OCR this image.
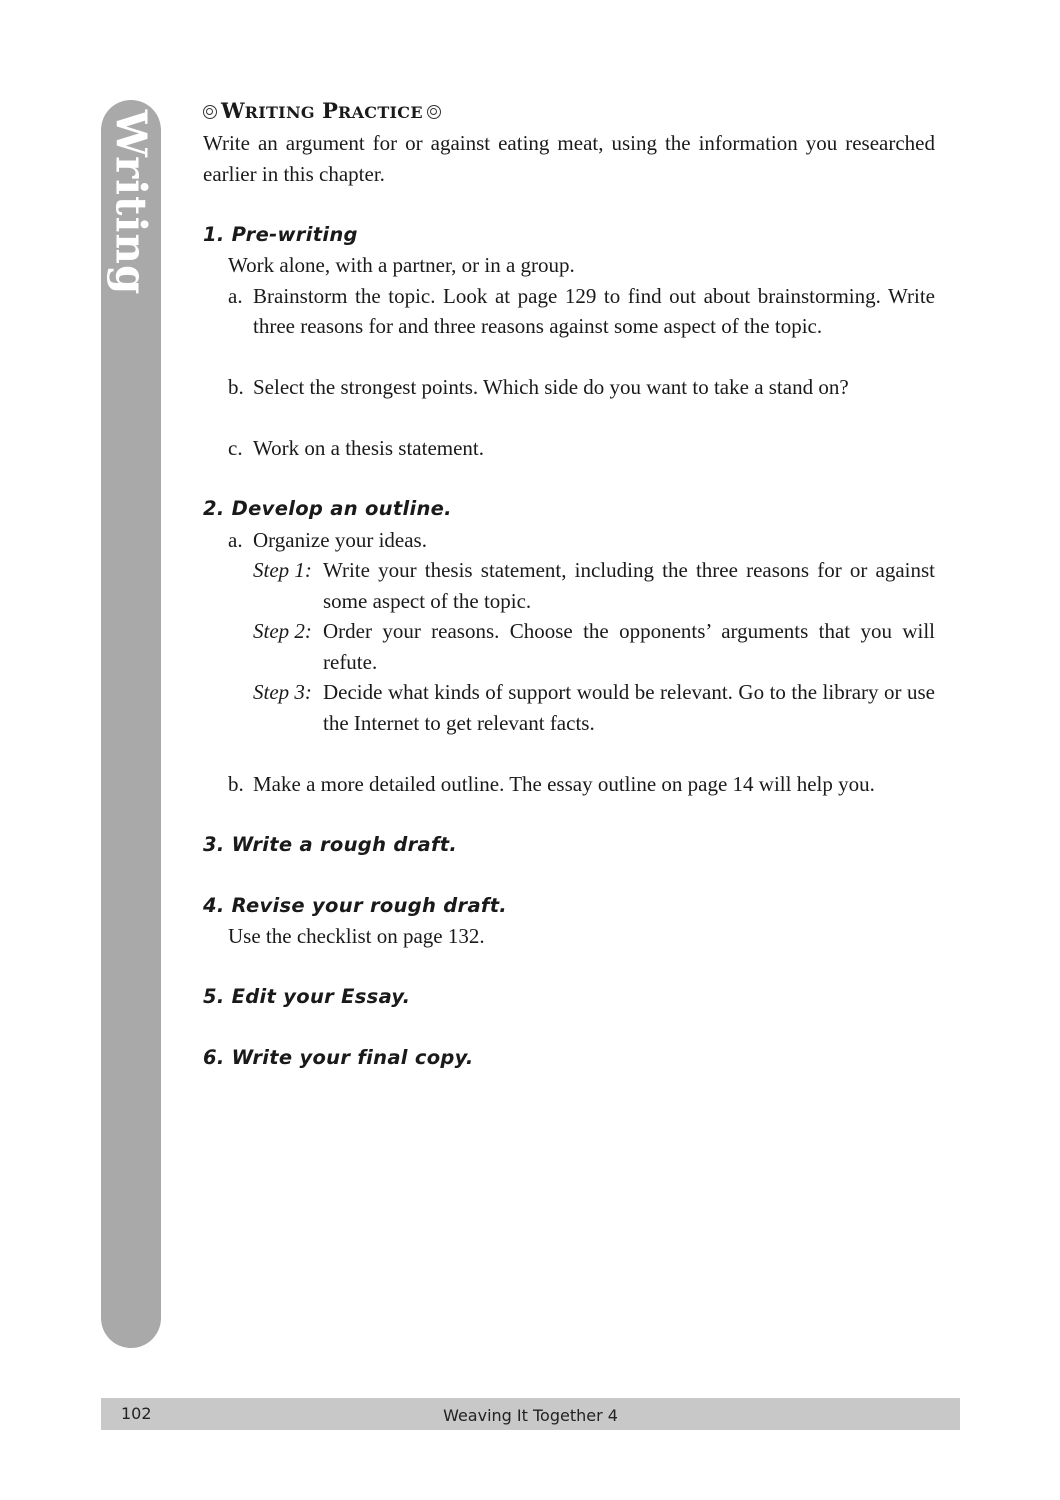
Writing	WRITING PRACTICE

Write an argument for or against eating meat, using the information you researched earlier in this chapter.

1. Pre-writing

Work alone, with a partner, or in a group.

a. Brainstorm the topic. Look at page 129 to find out about brainstorming. Write three reasons for and three reasons against some aspect of the topic.
b. Select the strongest points. Which side do you want to take a stand on?
c. Work on a thesis statement.
2. Develop an outline.
a. Organize your ideas.
Step 1: Write your thesis statement, including the three reasons for or against some aspect of the topic.
Step 2: Order your reasons. Choose the opponents’ arguments that you will refute.
Step 3: Decide what kinds of support would be relevant. Go to the library or use the Internet to get relevant facts.
b. Make a more detailed outline. The essay outline on page 14 will help you.
3. Write a rough draft.
4. Revise your rough draft.

Use the checklist on page 132.

5. Edit your Essay.
6. Write your final copy.
102	Weaving It Together 4
